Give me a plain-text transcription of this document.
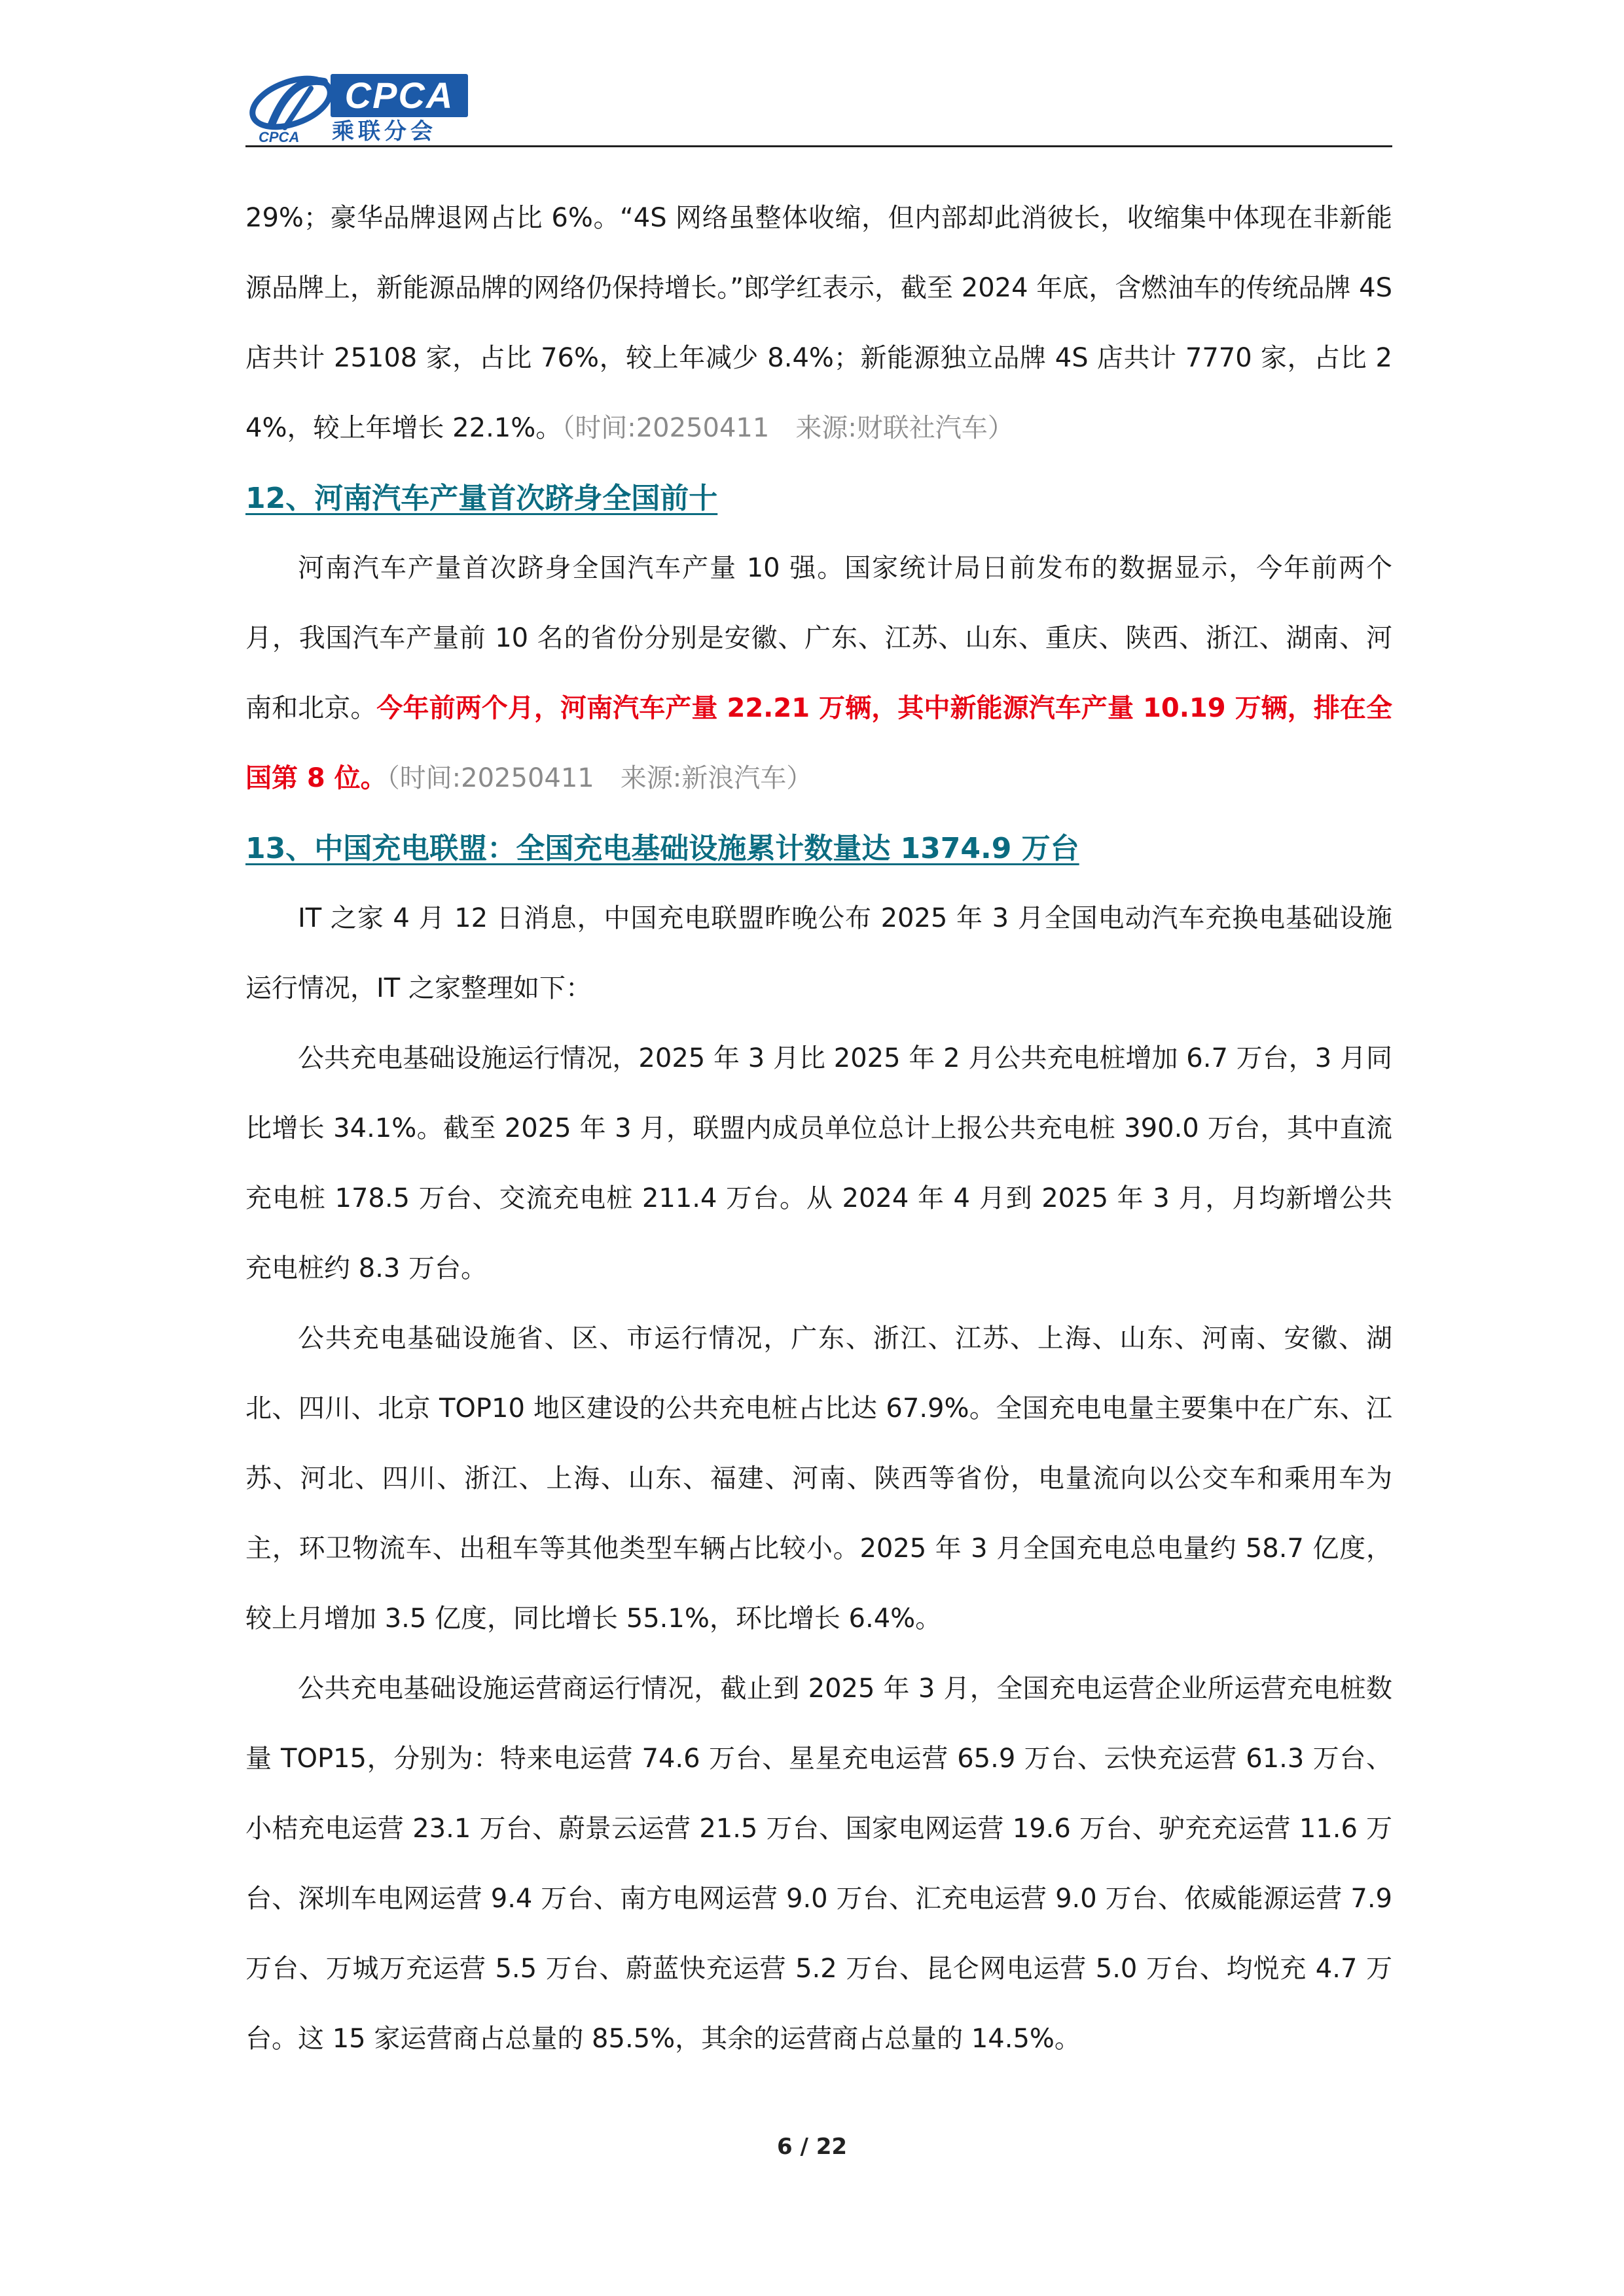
CPCA
CPCA
乘联分会

29%；豪华品牌退网占比 6%。“4S 网络虽整体收缩，但内部却此消彼长，收缩集中体现在非新能源品牌上，新能源品牌的网络仍保持增长。”郎学红表示，截至 2024 年底，含燃油车的传统品牌 4S 店共计 25108 家，占比 76%，较上年减少 8.4%；新能源独立品牌 4S 店共计 7770 家，占比 24%，较上年增长 22.1%。（时间:20250411　来源:财联社汽车）

12、河南汽车产量首次跻身全国前十

河南汽车产量首次跻身全国汽车产量 10 强。国家统计局日前发布的数据显示，今年前两个月，我国汽车产量前 10 名的省份分别是安徽、广东、江苏、山东、重庆、陕西、浙江、湖南、河南和北京。今年前两个月，河南汽车产量 22.21 万辆，其中新能源汽车产量 10.19 万辆，排在全国第 8 位。（时间:20250411　来源:新浪汽车）

13、中国充电联盟：全国充电基础设施累计数量达 1374.9 万台

IT 之家 4 月 12 日消息，中国充电联盟昨晚公布 2025 年 3 月全国电动汽车充换电基础设施运行情况，IT 之家整理如下：

公共充电基础设施运行情况，2025 年 3 月比 2025 年 2 月公共充电桩增加 6.7 万台，3 月同比增长 34.1%。截至 2025 年 3 月，联盟内成员单位总计上报公共充电桩 390.0 万台，其中直流充电桩 178.5 万台、交流充电桩 211.4 万台。从 2024 年 4 月到 2025 年 3 月，月均新增公共充电桩约 8.3 万台。

公共充电基础设施省、区、市运行情况，广东、浙江、江苏、上海、山东、河南、安徽、湖北、四川、北京 TOP10 地区建设的公共充电桩占比达 67.9%。全国充电电量主要集中在广东、江苏、河北、四川、浙江、上海、山东、福建、河南、陕西等省份，电量流向以公交车和乘用车为主，环卫物流车、出租车等其他类型车辆占比较小。2025 年 3 月全国充电总电量约 58.7 亿度，较上月增加 3.5 亿度，同比增长 55.1%，环比增长 6.4%。

公共充电基础设施运营商运行情况，截止到 2025 年 3 月，全国充电运营企业所运营充电桩数量 TOP15，分别为：特来电运营 74.6 万台、星星充电运营 65.9 万台、云快充运营 61.3 万台、小桔充电运营 23.1 万台、蔚景云运营 21.5 万台、国家电网运营 19.6 万台、驴充充运营 11.6 万台、深圳车电网运营 9.4 万台、南方电网运营 9.0 万台、汇充电运营 9.0 万台、依威能源运营 7.9 万台、万城万充运营 5.5 万台、蔚蓝快充运营 5.2 万台、昆仑网电运营 5.0 万台、均悦充 4.7 万台。这 15 家运营商占总量的 85.5%，其余的运营商占总量的 14.5%。

6 / 22
